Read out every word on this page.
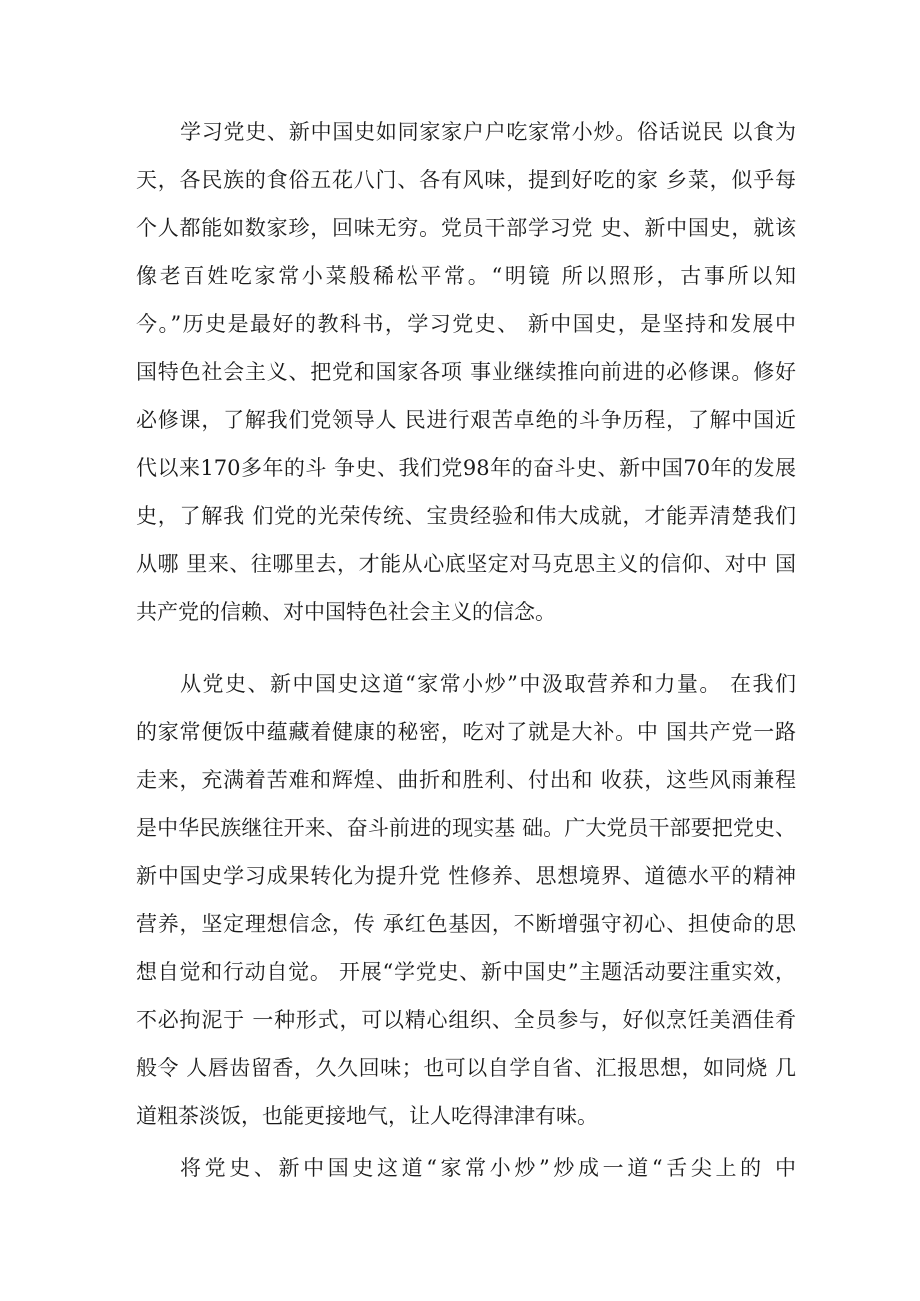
学习党史、新中国史如同家家户户吃家常小炒。俗话说民 以食为
天，各民族的食俗五花八门、各有风味，提到好吃的家 乡菜，似乎每
个人都能如数家珍，回味无穷。党员干部学习党 史、新中国史，就该
像老百姓吃家常小菜般稀松平常。“明镜 所以照形，古事所以知
今。”历史是最好的教科书，学习党史、 新中国史，是坚持和发展中
国特色社会主义、把党和国家各项 事业继续推向前进的必修课。修好
必修课，了解我们党领导人 民进行艰苦卓绝的斗争历程，了解中国近
代以来170多年的斗 争史、我们党98年的奋斗史、新中国70年的发展
史，了解我 们党的光荣传统、宝贵经验和伟大成就，才能弄清楚我们
从哪 里来、往哪里去，才能从心底坚定对马克思主义的信仰、对中 国
共产党的信赖、对中国特色社会主义的信念。
从党史、新中国史这道“家常小炒”中汲取营养和力量。 在我们
的家常便饭中蕴藏着健康的秘密，吃对了就是大补。中 国共产党一路
走来，充满着苦难和辉煌、曲折和胜利、付出和 收获，这些风雨兼程
是中华民族继往开来、奋斗前进的现实基 础。广大党员干部要把党史、
新中国史学习成果转化为提升党 性修养、思想境界、道德水平的精神
营养，坚定理想信念，传 承红色基因，不断增强守初心、担使命的思
想自觉和行动自觉。 开展“学党史、新中国史”主题活动要注重实效，
不必拘泥于 一种形式，可以精心组织、全员参与，好似烹饪美酒佳肴
般令 人唇齿留香，久久回味；也可以自学自省、汇报思想，如同烧 几
道粗茶淡饭，也能更接地气，让人吃得津津有味。
将党史、新中国史这道“家常小炒”炒成一道“舌尖上的 中
